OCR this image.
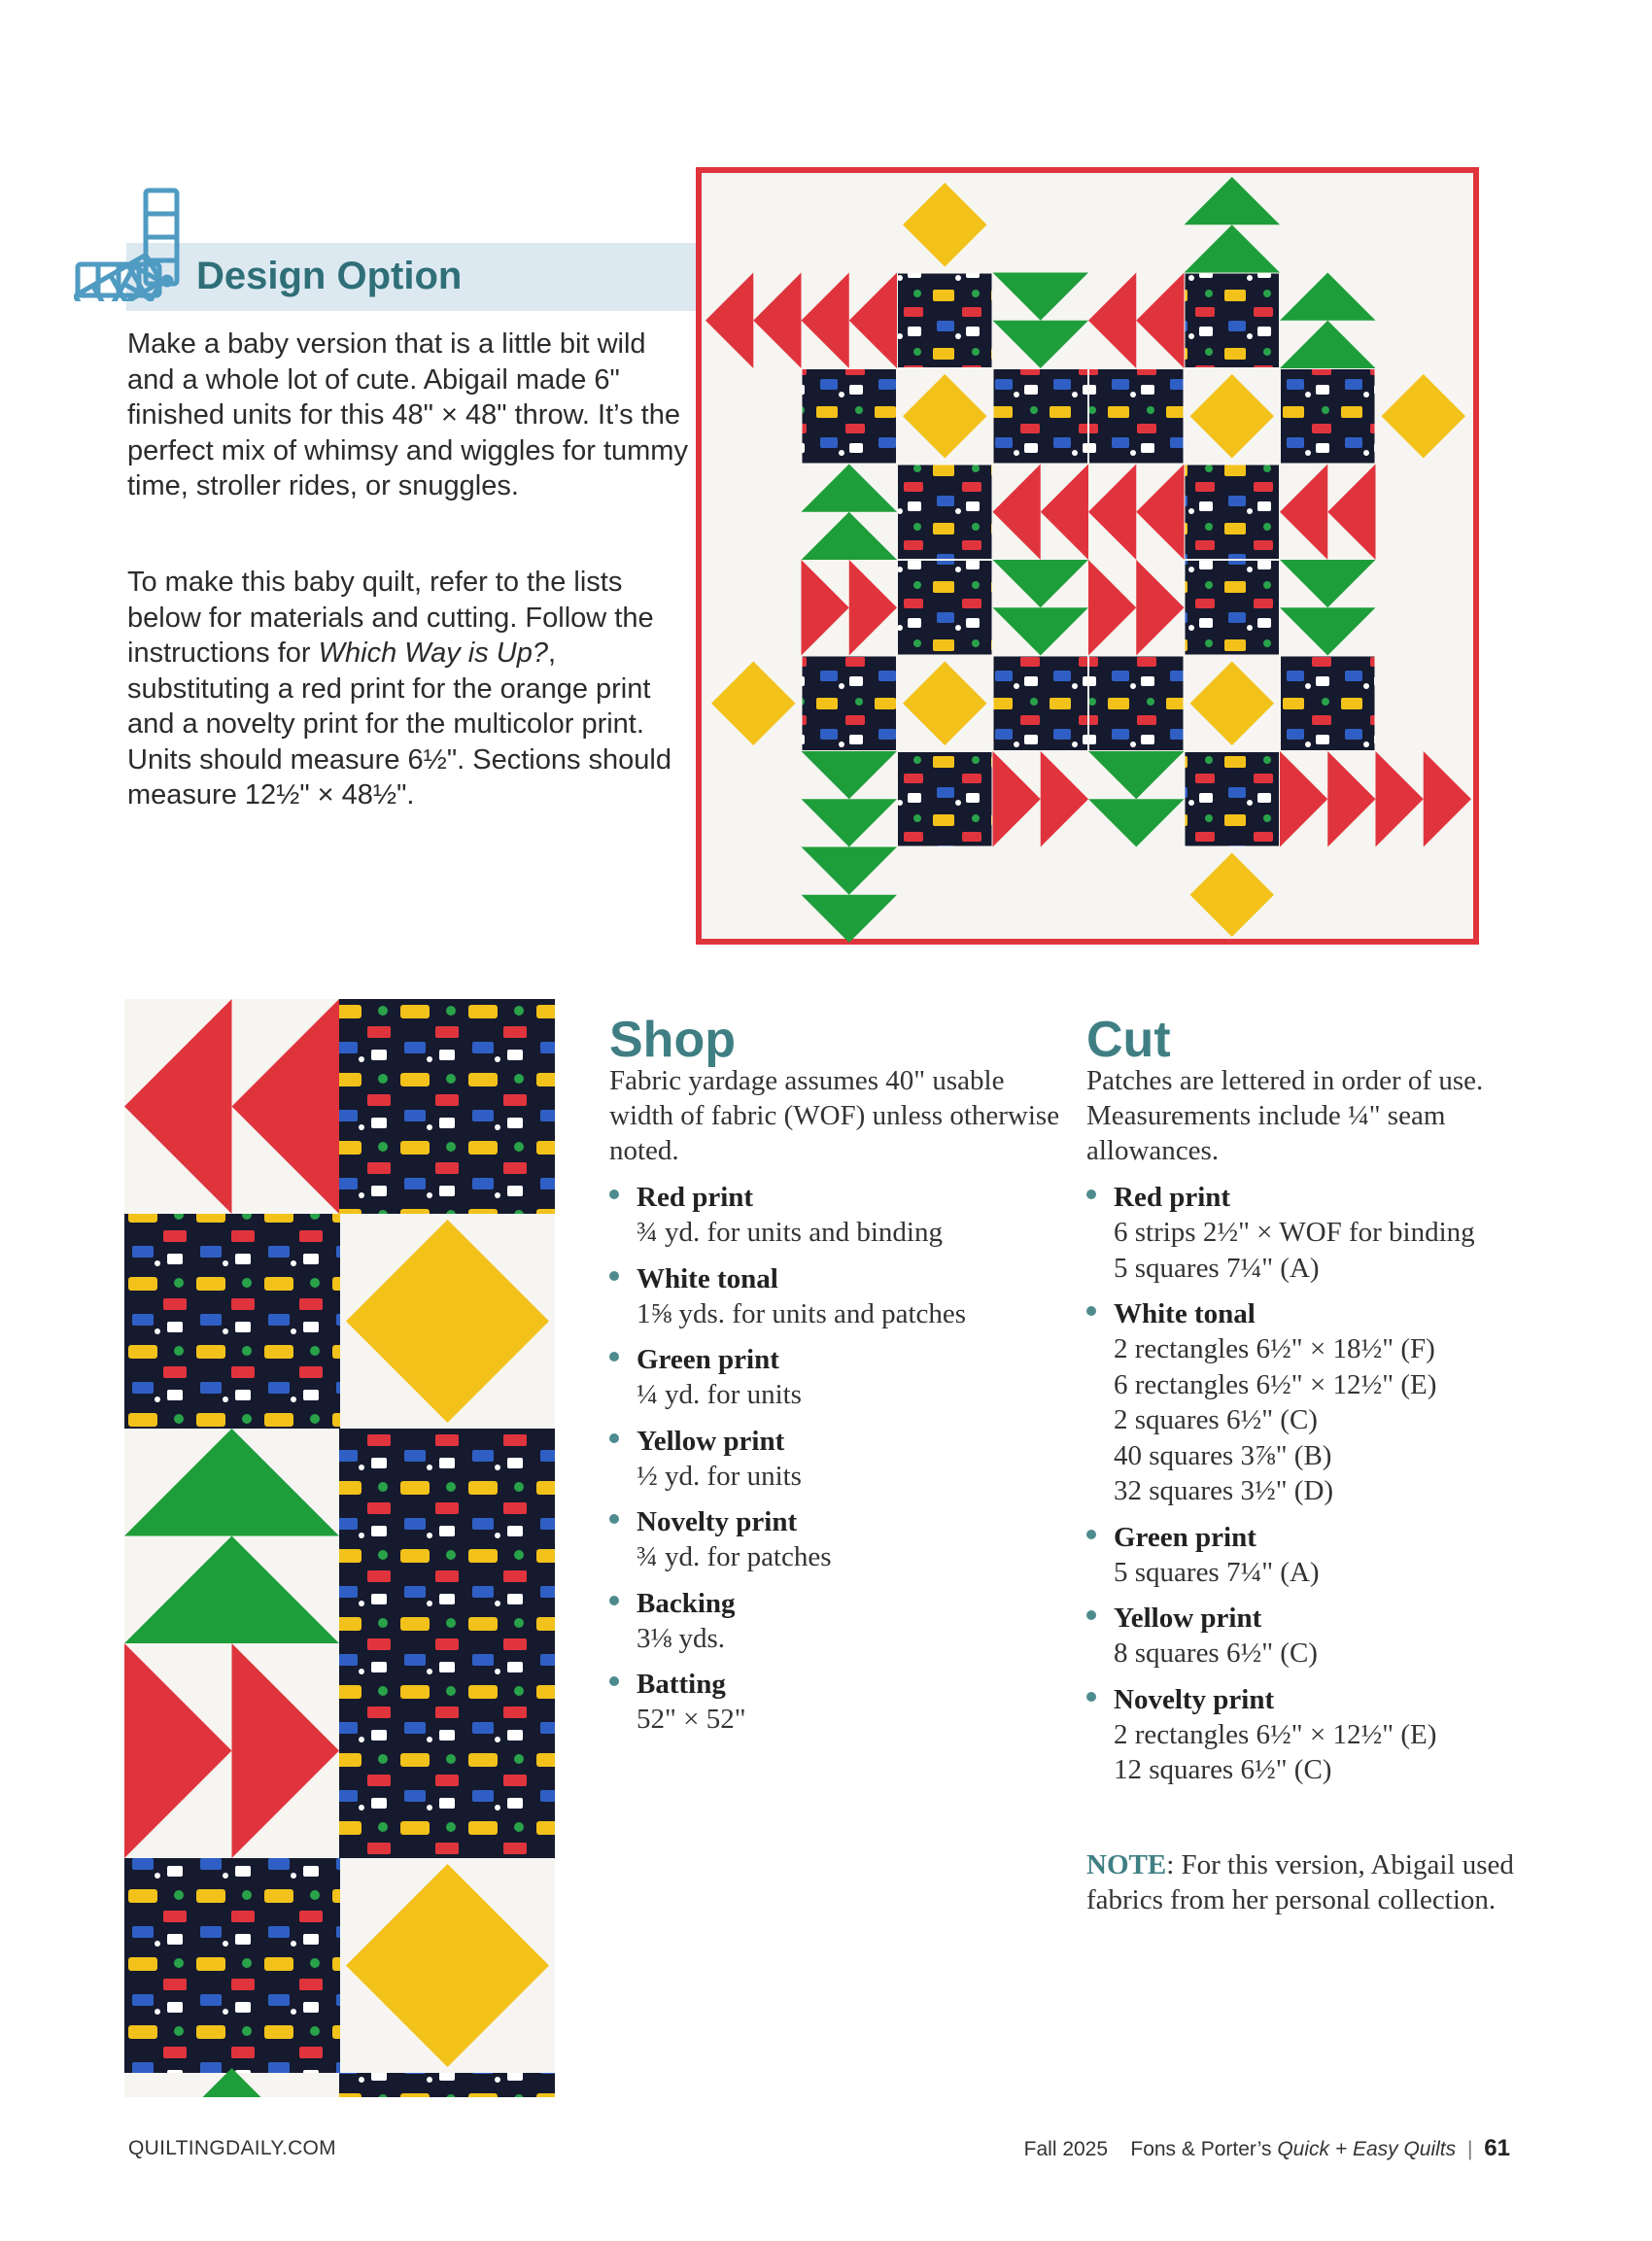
Design Option
Make a baby version that is a little bit wild and a whole lot of cute. Abigail made 6" finished units for this 48" × 48" throw. It’s the perfect mix of whimsy and wiggles for tummy time, stroller rides, or snuggles.
To make this baby quilt, refer to the lists below for materials and cutting. Follow the instructions for Which Way is Up?, substituting a red print for the orange print and a novelty print for the multicolor print. Units should measure 6½". Sections should measure 12½" × 48½".
Shop
Fabric yardage assumes 40" usable width of fabric (WOF) unless otherwise noted.
Red print
¾ yd. for units and binding
White tonal
1⅝ yds. for units and patches
Green print
¼ yd. for units
Yellow print
½ yd. for units
Novelty print
¾ yd. for patches
Backing
3⅛ yds.
Batting
52" × 52"
Cut
Patches are lettered in order of use. Measurements include ¼" seam allowances.
Red print
6 strips 2½" × WOF for binding
5 squares 7¼" (A)
White tonal
2 rectangles 6½" × 18½" (F)
6 rectangles 6½" × 12½" (E)
2 squares 6½" (C)
40 squares 3⅞" (B)
32 squares 3½" (D)
Green print
5 squares 7¼" (A)
Yellow print
8 squares 6½" (C)
Novelty print
2 rectangles 6½" × 12½" (E)
12 squares 6½" (C)
NOTE: For this version, Abigail used fabrics from her personal collection.
QUILTINGDAILY.COM	Fall 2025 Fons & Porter’s Quick + Easy Quilts | 61
